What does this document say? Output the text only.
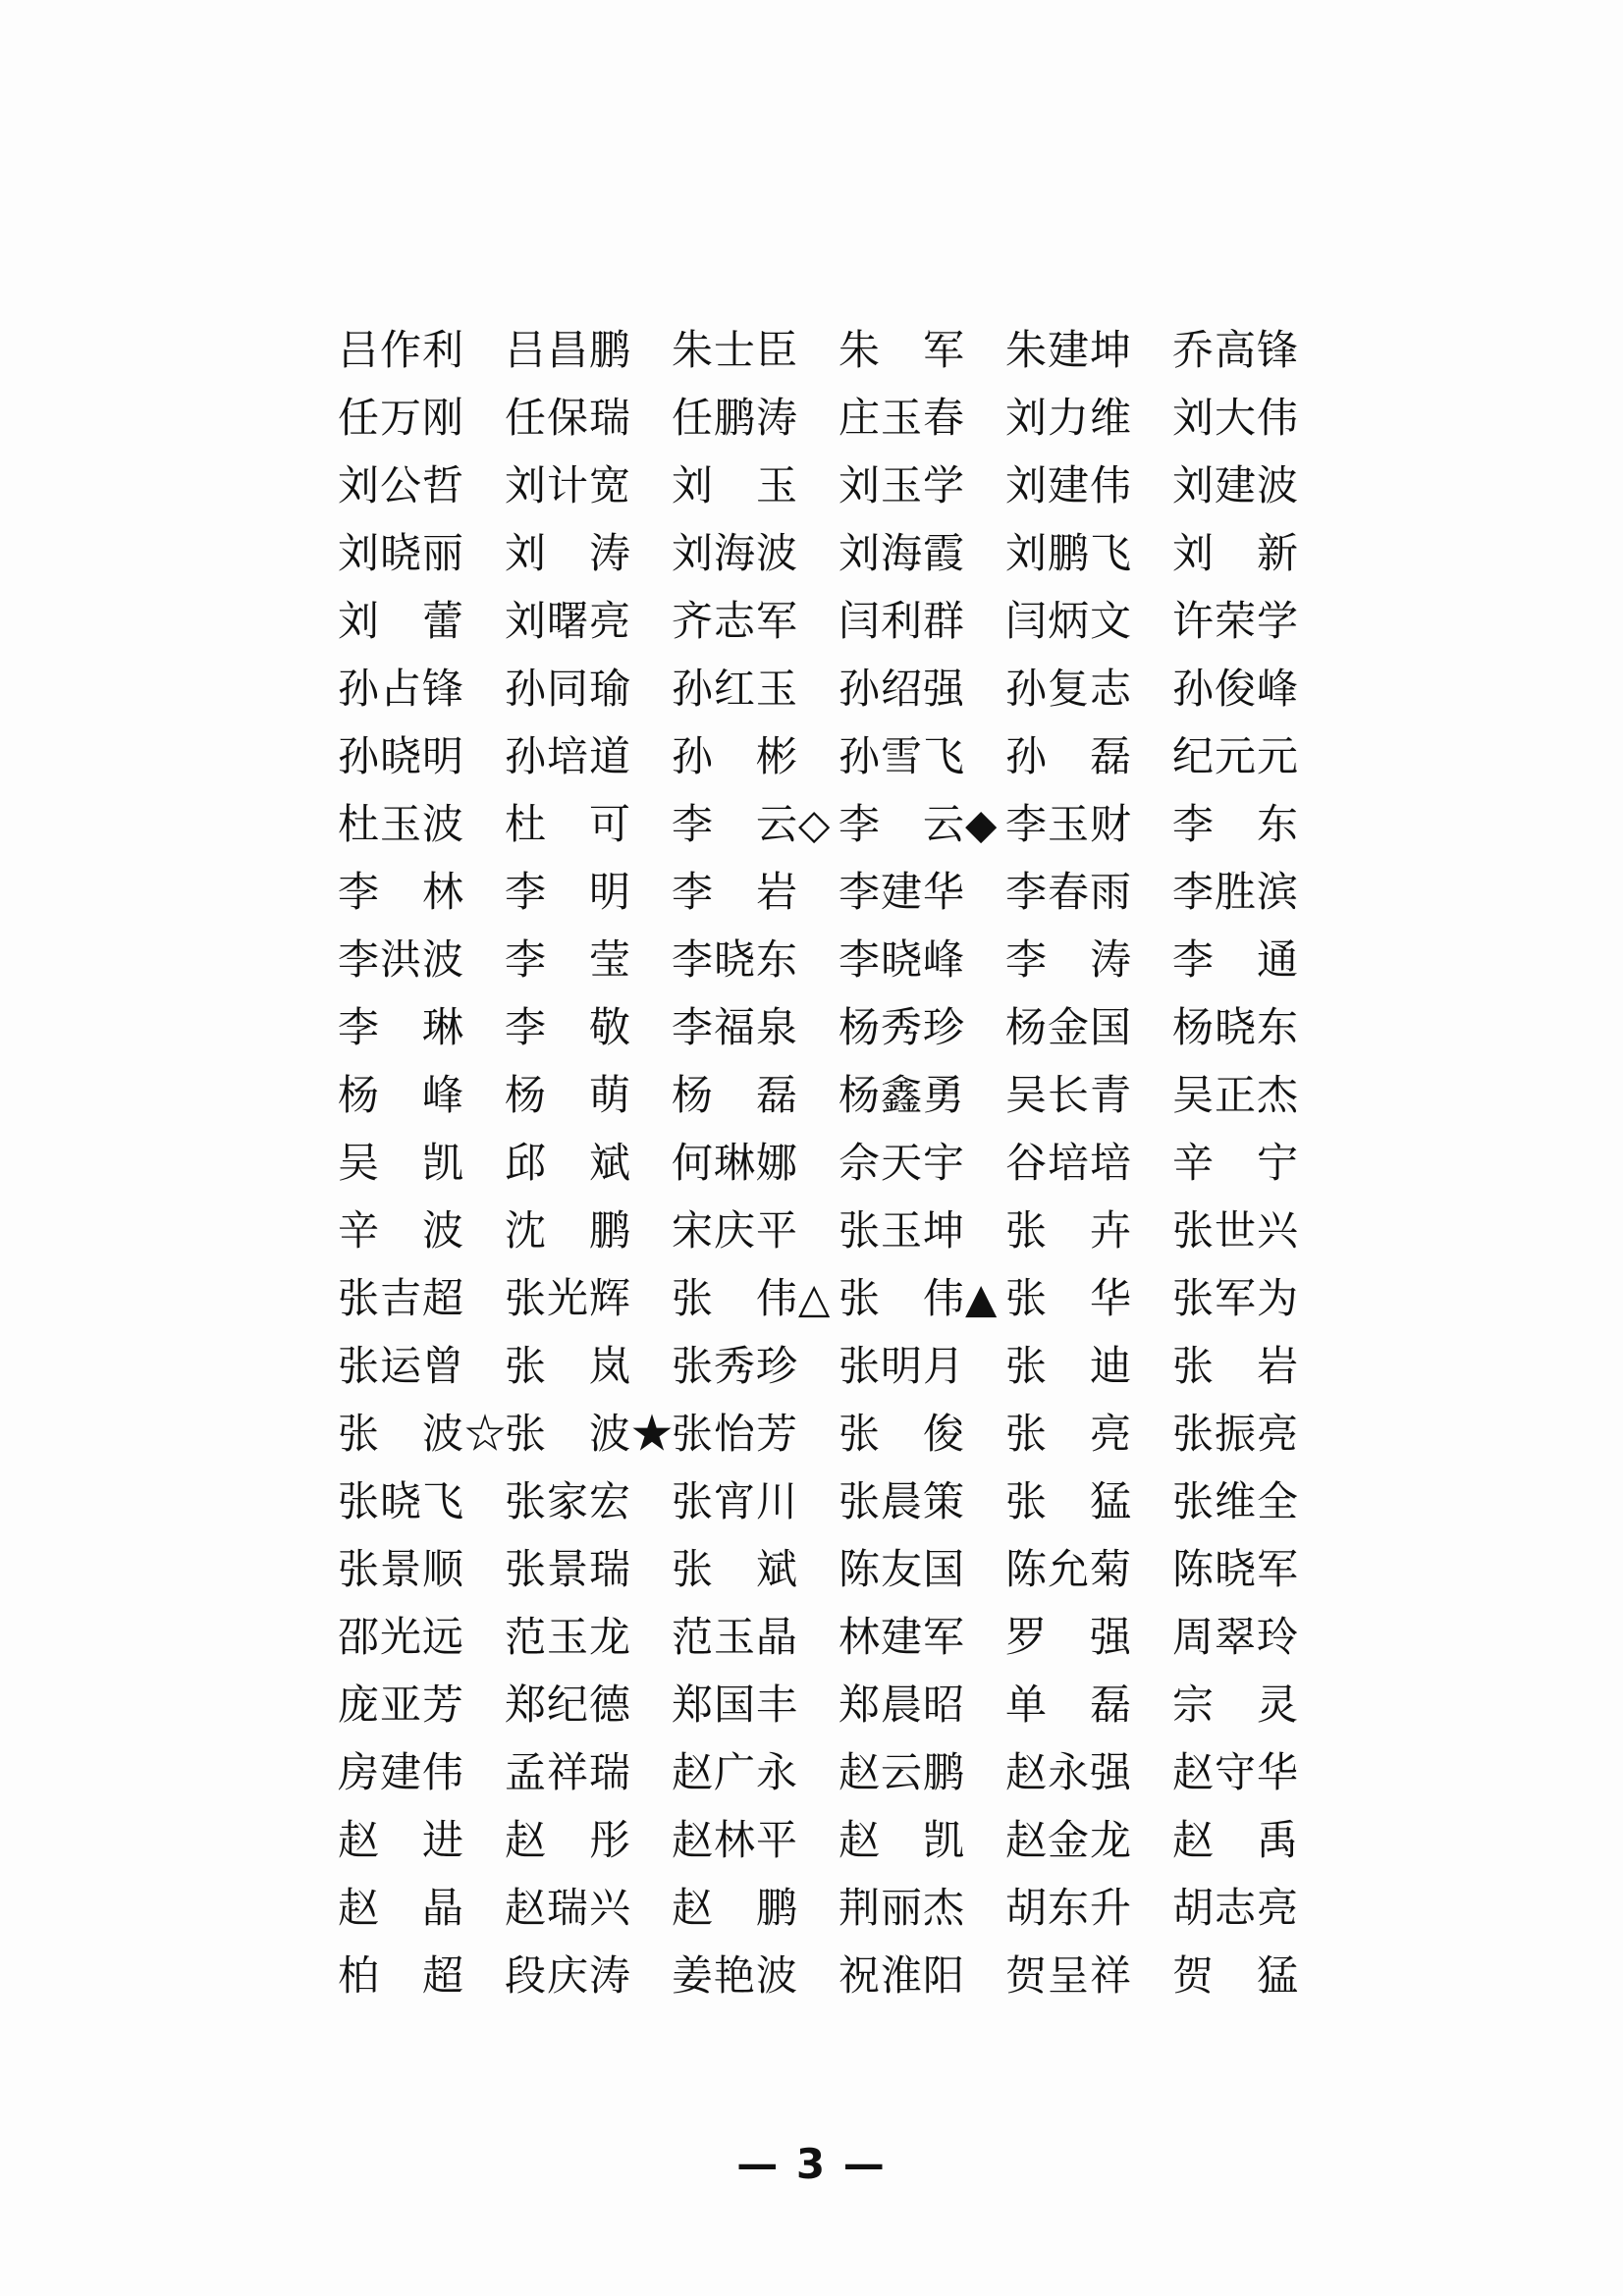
吕作利 吕昌鹏 朱士臣 朱　军 朱建坤 乔高锋
任万刚 任保瑞 任鹏涛 庄玉春 刘力维 刘大伟
刘公哲 刘计宽 刘　玉 刘玉学 刘建伟 刘建波
刘晓丽 刘　涛 刘海波 刘海霞 刘鹏飞 刘　新
刘　蕾 刘曙亮 齐志军 闫利群 闫炳文 许荣学
孙占锋 孙同瑜 孙红玉 孙绍强 孙复志 孙俊峰
孙晓明 孙培道 孙　彬 孙雪飞 孙　磊 纪元元
杜玉波 杜　可 李　云◇ 李　云◆ 李玉财 李　东
李　林 李　明 李　岩 李建华 李春雨 李胜滨
李洪波 李　莹 李晓东 李晓峰 李　涛 李　通
李　琳 李　敬 李福泉 杨秀珍 杨金国 杨晓东
杨　峰 杨　萌 杨　磊 杨鑫勇 吴长青 吴正杰
吴　凯 邱　斌 何琳娜 佘天宇 谷培培 辛　宁
辛　波 沈　鹏 宋庆平 张玉坤 张　卉 张世兴
张吉超 张光辉 张　伟△ 张　伟▲ 张　华 张军为
张运曾 张　岚 张秀珍 张明月 张　迪 张　岩
张　波☆
张　波★
张怡芳 张　俊 张　亮 张振亮
张晓飞 张家宏 张宵川 张晨策 张　猛 张维全
张景顺 张景瑞 张　斌 陈友国 陈允菊 陈晓军
邵光远 范玉龙 范玉晶 林建军 罗　强 周翠玲
庞亚芳 郑纪德 郑国丰 郑晨昭 单　磊 宗　灵
房建伟 孟祥瑞 赵广永 赵云鹏 赵永强 赵守华
赵　进 赵　彤 赵林平 赵　凯 赵金龙 赵　禹
赵　晶 赵瑞兴 赵　鹏 荆丽杰 胡东升 胡志亮
柏　超 段庆涛 姜艳波 祝淮阳 贺呈祥 贺　猛
— 3 —
